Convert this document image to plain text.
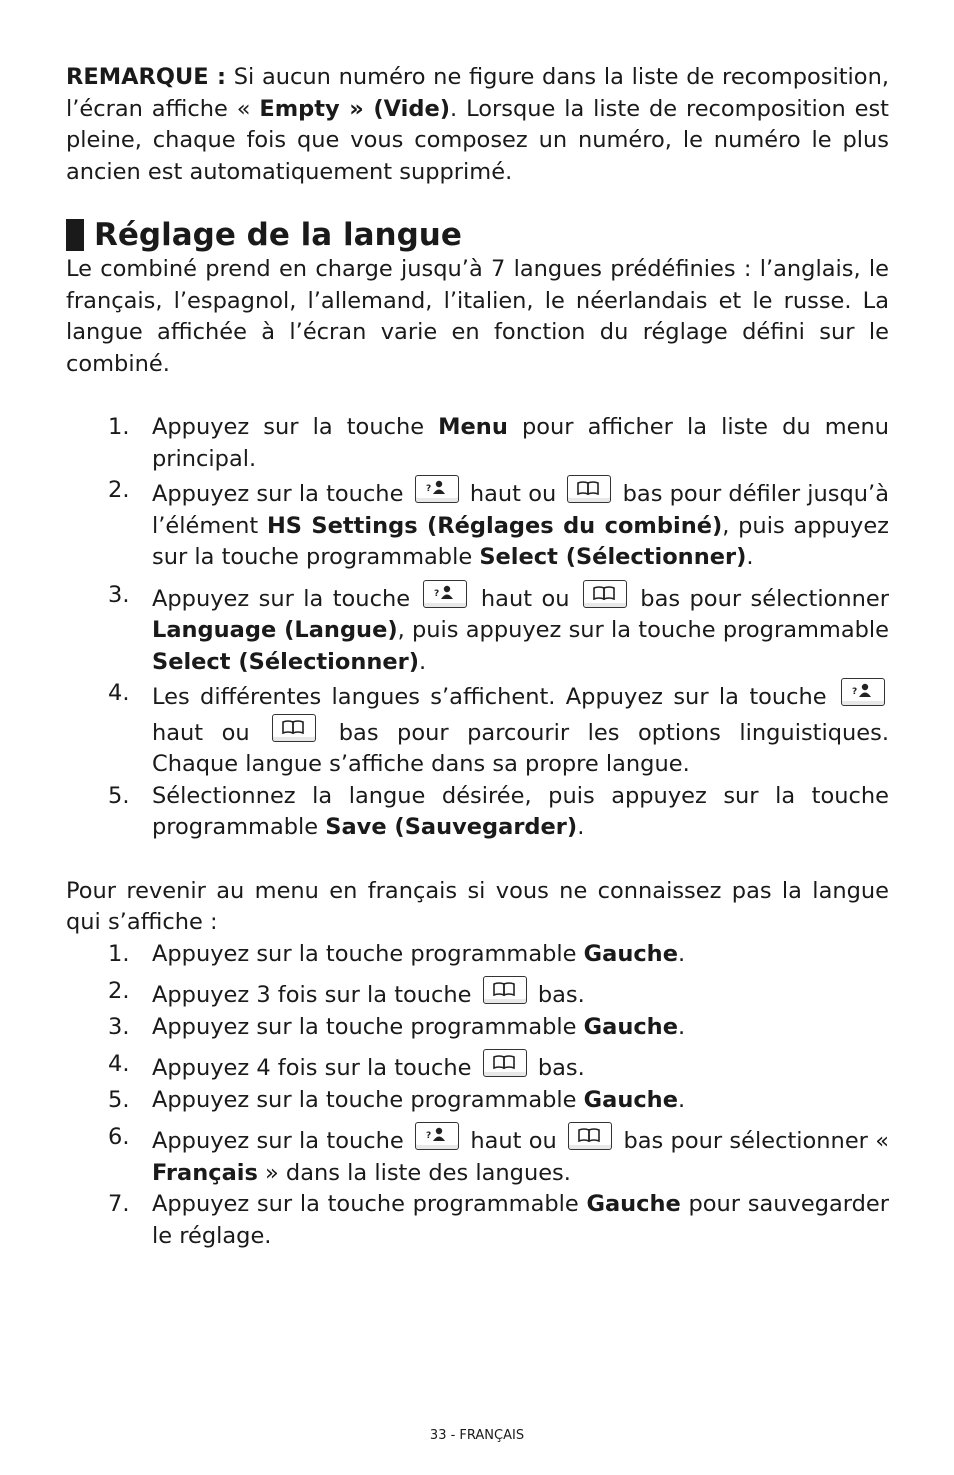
REMARQUE : Si aucun numéro ne figure dans la liste de recomposition, l’écran affiche « Empty » (Vide). Lorsque la liste de recomposition est pleine, chaque fois que vous composez un numéro, le numéro le plus ancien est automatiquement supprimé.

Réglage de la langue

Le combiné prend en charge jusqu’à 7 langues prédéfinies : l’anglais, le français, l’espagnol, l’allemand, l’italien, le néerlandais et le russe. La langue affichée à l’écran varie en fonction du réglage défini sur le combiné.

1. Appuyez sur la touche Menu pour afficher la liste du menu principal.
2. Appuyez sur la touche ? haut ou
bas pour défiler jusqu’à l’élément HS Settings (Réglages du combiné), puis appuyez sur la touche programmable Select (Sélectionner).
3. Appuyez sur la touche ? haut ou
bas pour sélectionner Language (Langue), puis appuyez sur la touche programmable Select (Sélectionner).
4. Les différentes langues s’affichent. Appuyez sur la touche ?
haut ou
bas pour parcourir les options linguistiques. Chaque langue s’affiche dans sa propre langue.
5. Sélectionnez la langue désirée, puis appuyez sur la touche programmable Save (Sauvegarder).

Pour revenir au menu en français si vous ne connaissez pas la langue qui s’affiche :

1. Appuyez sur la touche programmable Gauche.
2. Appuyez 3 fois sur la touche
bas.
3. Appuyez sur la touche programmable Gauche.
4. Appuyez 4 fois sur la touche
bas.
5. Appuyez sur la touche programmable Gauche.
6. Appuyez sur la touche ? haut ou
bas pour sélectionner « Français » dans la liste des langues.
7. Appuyez sur la touche programmable Gauche pour sauvegarder le réglage.
33 - FRANÇAIS
